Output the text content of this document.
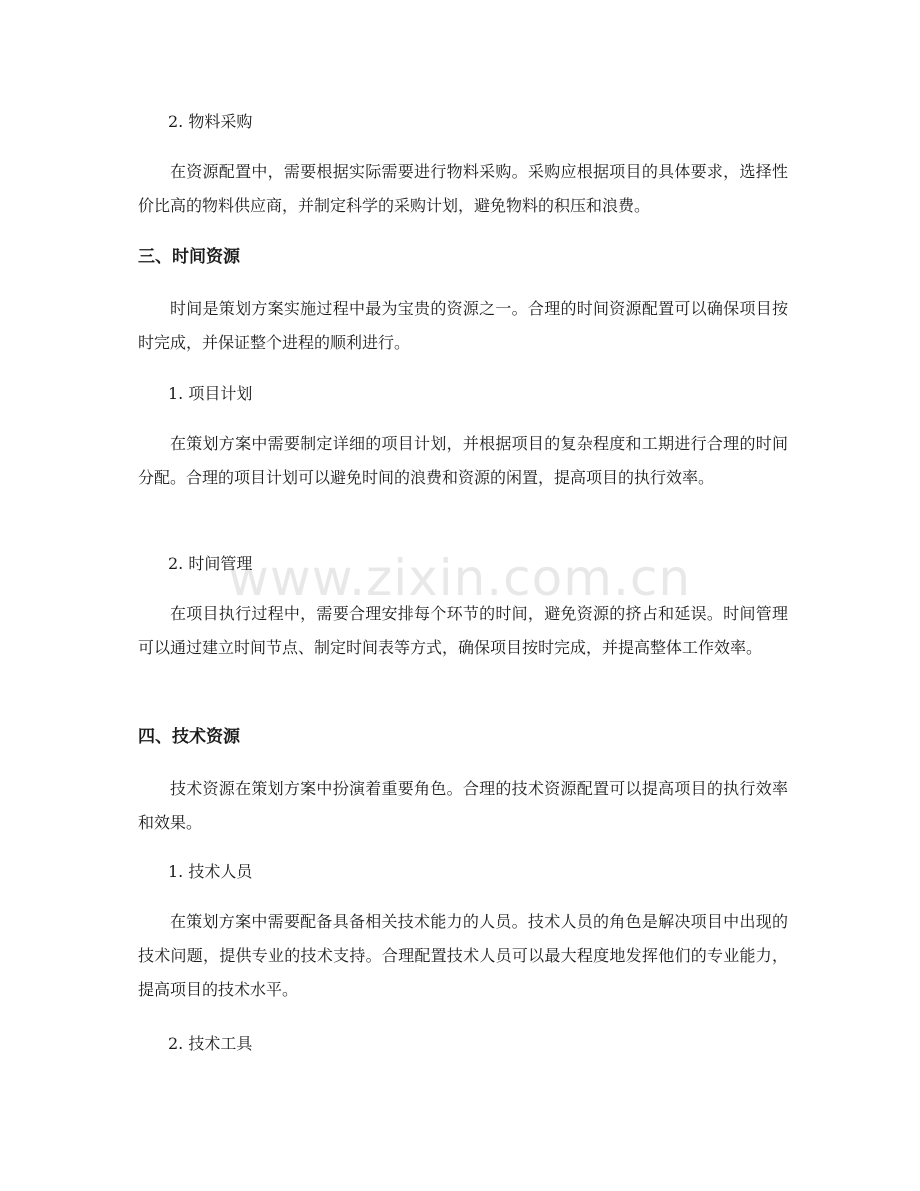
2. 物料采购

在资源配置中，需要根据实际需要进行物料采购。采购应根据项目的具体要求，选择性价比高的物料供应商，并制定科学的采购计划，避免物料的积压和浪费。

三、时间资源

时间是策划方案实施过程中最为宝贵的资源之一。合理的时间资源配置可以确保项目按时完成，并保证整个进程的顺利进行。

1. 项目计划

在策划方案中需要制定详细的项目计划，并根据项目的复杂程度和工期进行合理的时间分配。合理的项目计划可以避免时间的浪费和资源的闲置，提高项目的执行效率。

2. 时间管理

在项目执行过程中，需要合理安排每个环节的时间，避免资源的挤占和延误。时间管理可以通过建立时间节点、制定时间表等方式，确保项目按时完成，并提高整体工作效率。

四、技术资源

技术资源在策划方案中扮演着重要角色。合理的技术资源配置可以提高项目的执行效率和效果。

1. 技术人员

在策划方案中需要配备具备相关技术能力的人员。技术人员的角色是解决项目中出现的技术问题，提供专业的技术支持。合理配置技术人员可以最大程度地发挥他们的专业能力，提高项目的技术水平。

2. 技术工具

www.zixin.com.cn
